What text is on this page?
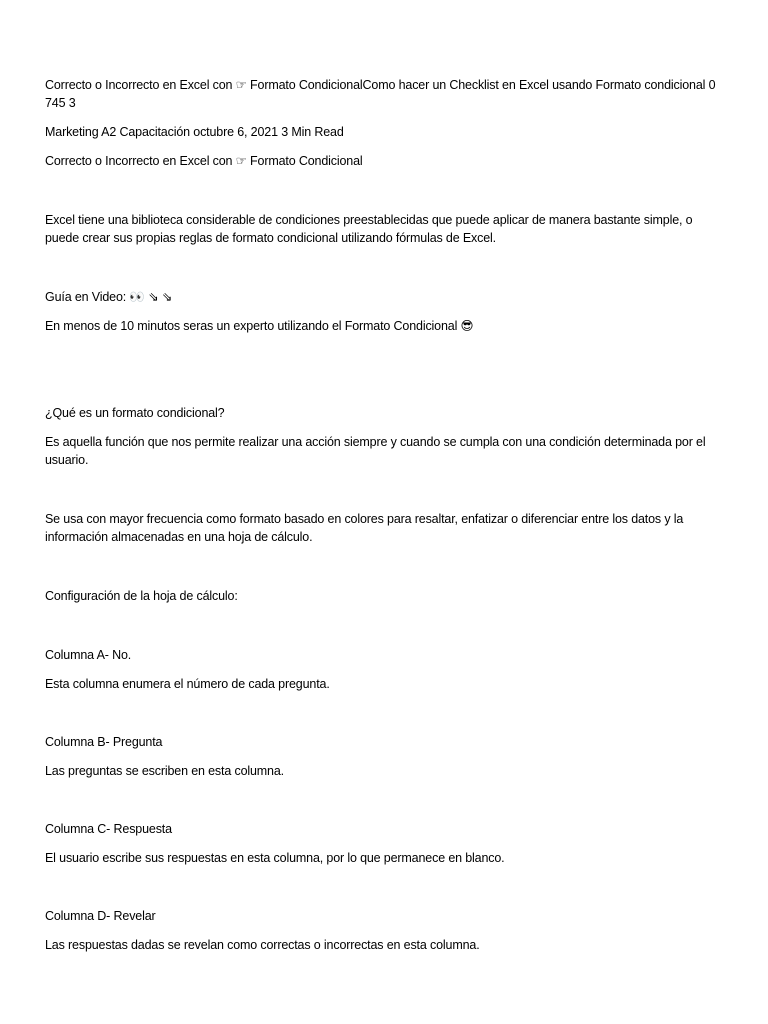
Correcto o Incorrecto en Excel con ☞ Formato CondicionalComo hacer un Checklist en Excel usando Formato condicional 0 745 3

Marketing A2 Capacitación octubre 6, 2021 3 Min Read

Correcto o Incorrecto en Excel con ☞ Formato Condicional

Excel tiene una biblioteca considerable de condiciones preestablecidas que puede aplicar de manera bastante simple, o puede crear sus propias reglas de formato condicional utilizando fórmulas de Excel.

Guía en Video: 👀 ⇘ ⇘

En menos de 10 minutos seras un experto utilizando el Formato Condicional 😎

¿Qué es un formato condicional?

Es aquella función que nos permite realizar una acción siempre y cuando se cumpla con una condición determinada por el usuario.

Se usa con mayor frecuencia como formato basado en colores para resaltar, enfatizar o diferenciar entre los datos y la información almacenadas en una hoja de cálculo.

Configuración de la hoja de cálculo:

Columna A- No.

Esta columna enumera el número de cada pregunta.

Columna B- Pregunta

Las preguntas se escriben en esta columna.

Columna C- Respuesta

El usuario escribe sus respuestas en esta columna, por lo que permanece en blanco.

Columna D- Revelar

Las respuestas dadas se revelan como correctas o incorrectas en esta columna.
